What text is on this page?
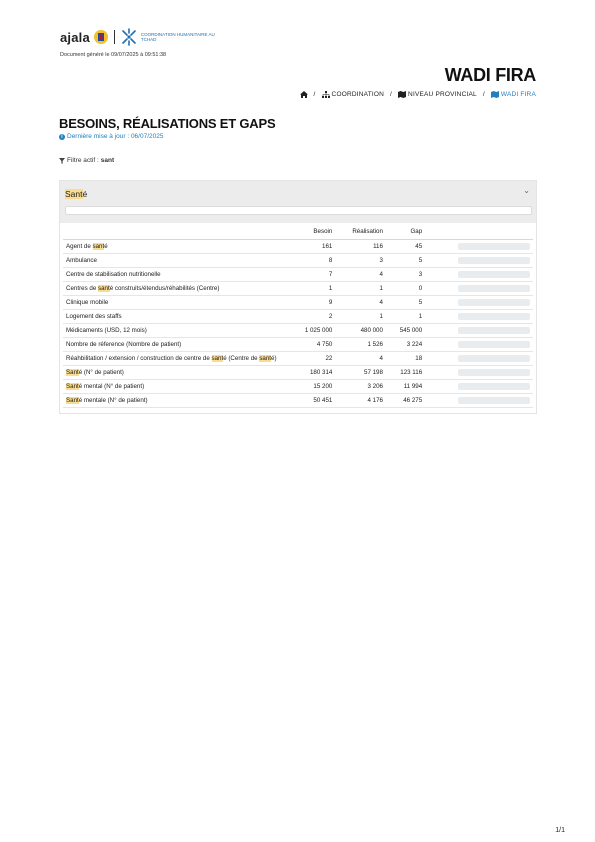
ajala	COORDINATION HUMANITAIRE AU TCHAD
Document généré le 09/07/2025 à 09:51:38
WADI FIRA
/ COORDINATION / NIVEAU PROVINCIAL / WADI FIRA
BESOINS, RÉALISATIONS ET GAPS
i Dernière mise à jour : 06/07/2025
Filtre actif : sant
Santé	⌄
	Besoin	Réalisation	Gap	
Agent de santé	161	116	45	

Ambulance	8	3	5	

Centre de stabilisation nutritionelle	7	4	3	

Centres de santé construits/étendus/réhabilités (Centre)	1	1	0	

Clinique mobile	9	4	5	

Logement des staffs	2	1	1	

Médicaments (USD, 12 mois)	1 025 000	480 000	545 000	

Nombre de réference (Nombre de patient)	4 750	1 526	3 224	

Réahbilitation / extension / construction de centre de santé (Centre de santé)	22	4	18	

Santé (N° de patient)	180 314	57 198	123 116	

Santé mental (N° de patient)	15 200	3 206	11 994	

Santé mentale (N° de patient)	50 451	4 176	46 275	
1/1
